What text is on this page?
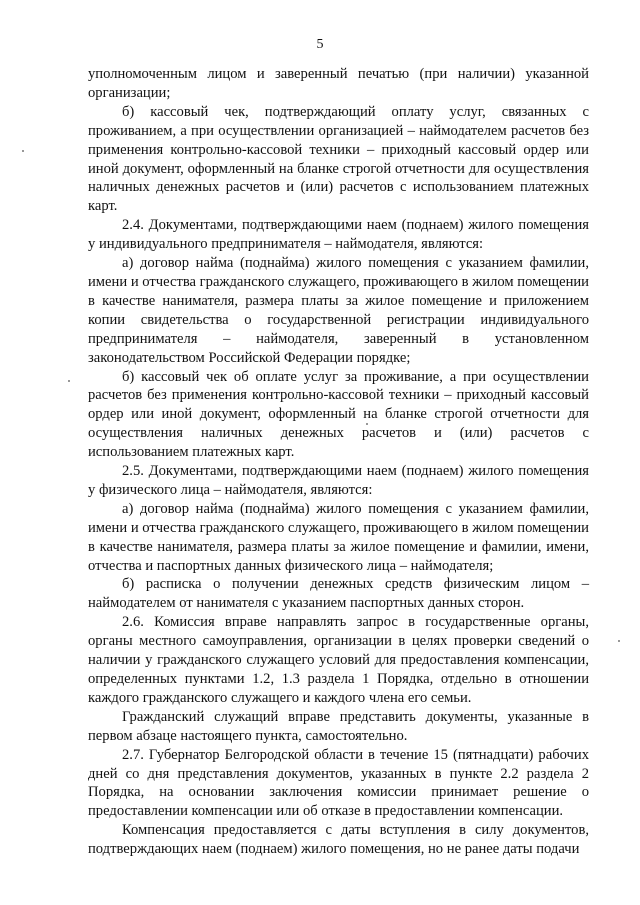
5

уполномоченным лицом и заверенный печатью (при наличии) указанной организации;

б) кассовый чек, подтверждающий оплату услуг, связанных с проживанием, а при осуществлении организацией – наймодателем расчетов без применения контрольно-кассовой техники – приходный кассовый ордер или иной документ, оформленный на бланке строгой отчетности для осуществления наличных денежных расчетов и (или) расчетов с использованием платежных карт.

2.4. Документами, подтверждающими наем (поднаем) жилого помещения у индивидуального предпринимателя – наймодателя, являются:

а) договор найма (поднайма) жилого помещения с указанием фамилии, имени и отчества гражданского служащего, проживающего в жилом помещении в качестве нанимателя, размера платы за жилое помещение и приложением копии свидетельства о государственной регистрации индивидуального предпринимателя – наймодателя, заверенный в установленном законодательством Российской Федерации порядке;

б) кассовый чек об оплате услуг за проживание, а при осуществлении расчетов без применения контрольно-кассовой техники – приходный кассовый ордер или иной документ, оформленный на бланке строгой отчетности для осуществления наличных денежных расчетов и (или) расчетов с использованием платежных карт.

2.5. Документами, подтверждающими наем (поднаем) жилого помещения у физического лица – наймодателя, являются:

а) договор найма (поднайма) жилого помещения с указанием фамилии, имени и отчества гражданского служащего, проживающего в жилом помещении в качестве нанимателя, размера платы за жилое помещение и фамилии, имени, отчества и паспортных данных физического лица – наймодателя;

б) расписка о получении денежных средств физическим лицом – наймодателем от нанимателя с указанием паспортных данных сторон.

2.6. Комиссия вправе направлять запрос в государственные органы, органы местного самоуправления, организации в целях проверки сведений о наличии у гражданского служащего условий для предоставления компенсации, определенных пунктами 1.2, 1.3 раздела 1 Порядка, отдельно в отношении каждого гражданского служащего и каждого члена его семьи.

Гражданский служащий вправе представить документы, указанные в первом абзаце настоящего пункта, самостоятельно.

2.7. Губернатор Белгородской области в течение 15 (пятнадцати) рабочих дней со дня представления документов, указанных в пункте 2.2 раздела 2 Порядка, на основании заключения комиссии принимает решение о предоставлении компенсации или об отказе в предоставлении компенсации.

Компенсация предоставляется с даты вступления в силу документов, подтверждающих наем (поднаем) жилого помещения, но не ранее даты подачи
